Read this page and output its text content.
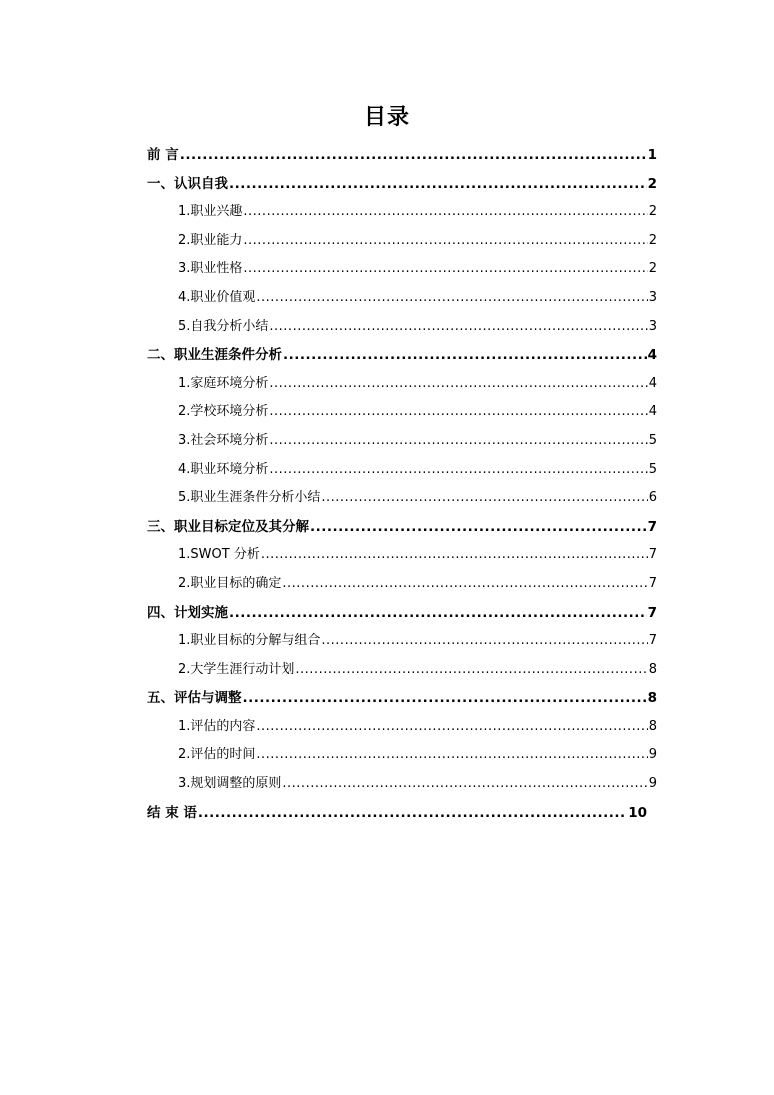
目录
前 言 .....	1
一、认识自我 .....	2
1.职业兴趣 .....	2
2.职业能力 .....	2
3.职业性格 .....	2
4.职业价值观 .....	3
5.自我分析小结 .....	3
二、职业生涯条件分析 .....	4
1.家庭环境分析 .....	4
2.学校环境分析 .....	4
3.社会环境分析 .....	5
4.职业环境分析 .....	5
5.职业生涯条件分析小结 .....	6
三、职业目标定位及其分解 .....	7
1.SWOT 分析 .....	7
2.职业目标的确定 .....	7
四、计划实施 .....	7
1.职业目标的分解与组合 .....	7
2.大学生涯行动计划 .....	8
五、评估与调整 .....	8
1.评估的内容 .....	8
2.评估的时间 .....	9
3.规划调整的原则 .....	9
结 束 语 .....	10
